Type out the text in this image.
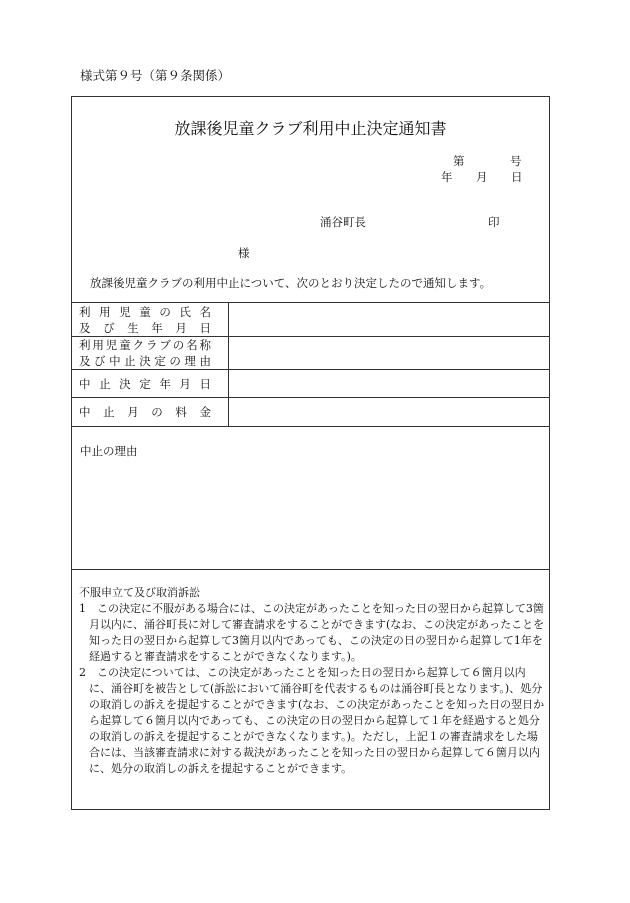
様式第９号（第９条関係）
放課後児童クラブ利用中止決定通知書
第	号
年 月 日
涌谷町長	印
様
放課後児童クラブの利用中止について、次のとおり決定したので通知します。
利用児童の氏名
及び生年月日	

利用児童クラブの名称
及び中止決定の理由	

中止決定年月日	

中止月の料金	

中止の理由

不服申立て及び取消訴訟

1　この決定に不服がある場合には、この決定があったことを知った日の翌日から起算して3箇月以内に、涌谷町長に対して審査請求をすることができます(なお、この決定があったことを知った日の翌日から起算して3箇月以内であっても、この決定の日の翌日から起算して1年を経過すると審査請求をすることができなくなります。)。

2　この決定については、この決定があったことを知った日の翌日から起算して６箇月以内に、涌谷町を被告として(訴訟において涌谷町を代表するものは涌谷町長となります。)、処分の取消しの訴えを提起することができます(なお、この決定があったことを知った日の翌日から起算して６箇月以内であっても、この決定の日の翌日から起算して１年を経過すると処分の取消しの訴えを提起することができなくなります。)。ただし，上記１の審査請求をした場合には、当該審査請求に対する裁決があったことを知った日の翌日から起算して６箇月以内に、処分の取消しの訴えを提起することができます。
